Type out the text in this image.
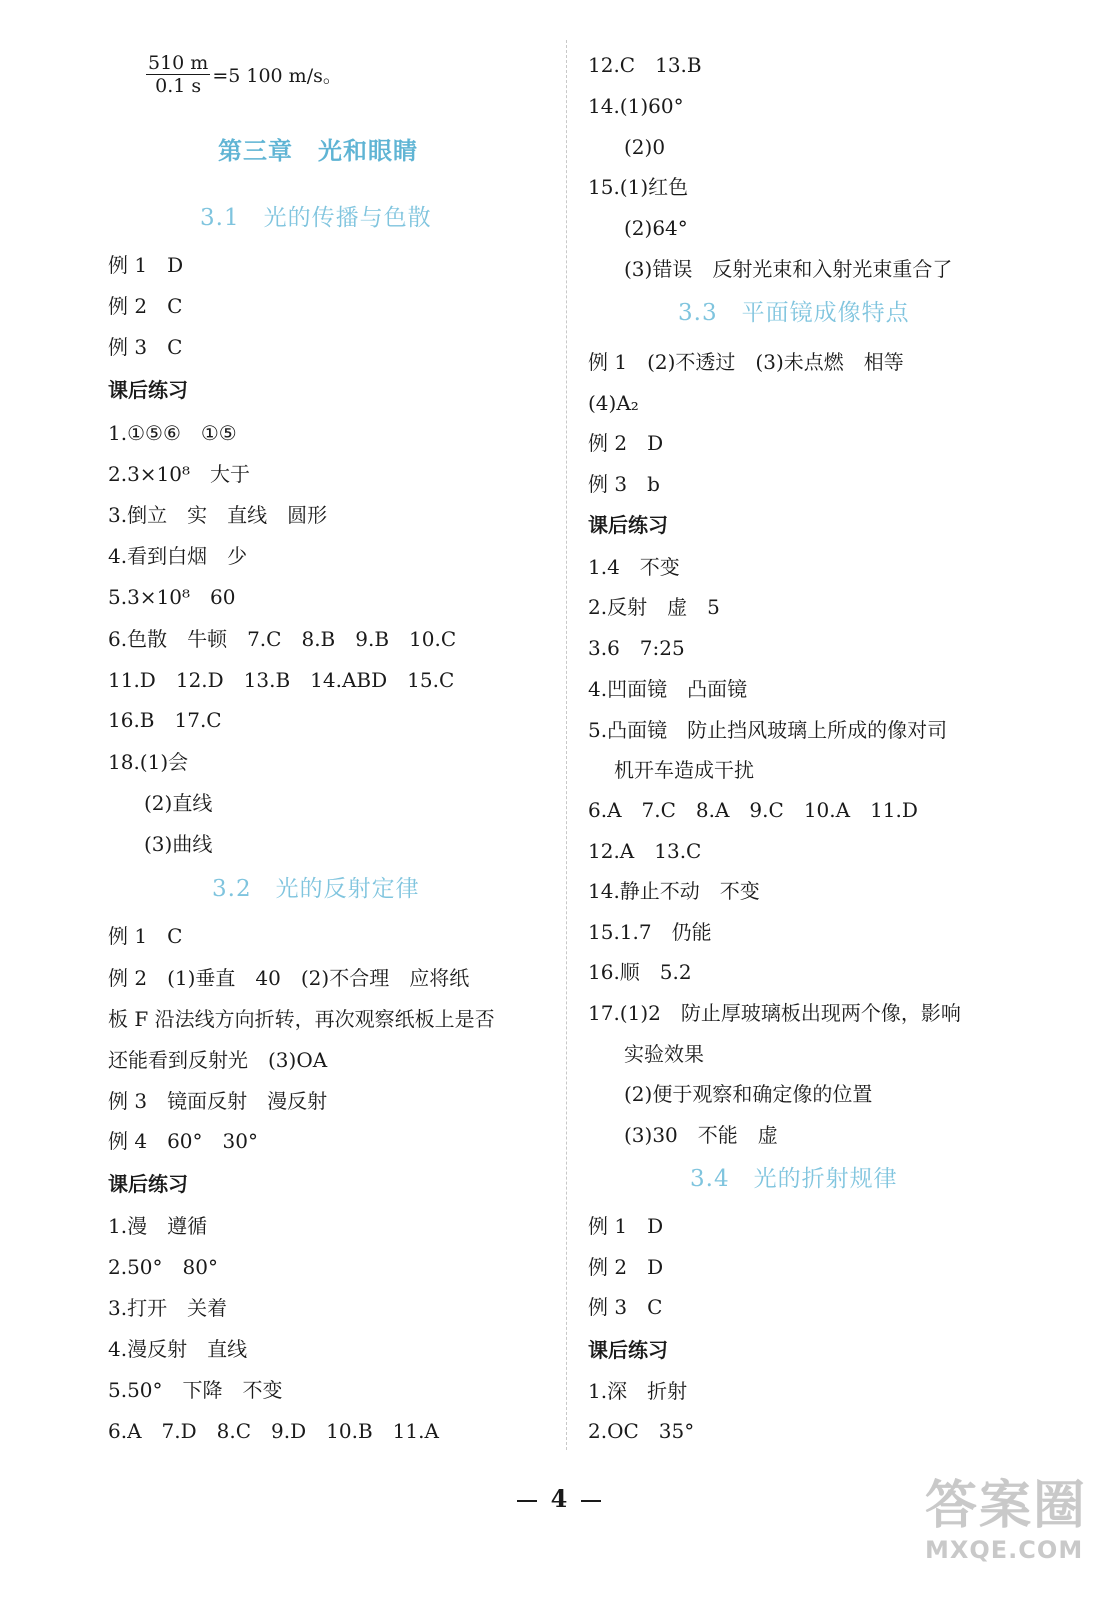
$\frac{510 m}{0.1 s} =5$ 100 m/s。
第三章　光和眼睛
3.1　光的传播与色散
例 1　D
例 2　C
例 3　C
课后练习
1.①⑤⑥　①⑤
2.3×10⁸　大于
3.倒立　实　直线　圆形
4.看到白烟　少
5.3×10⁸　60
6.色散　牛顿　7.C　8.B　9.B　10.C
11.D　12.D　13.B　14.ABD　15.C
16.B　17.C
18.(1)会
(2)直线
(3)曲线
3.2　光的反射定律
例 1　C
例 2　(1)垂直　40　(2)不合理　应将纸
板 F 沿法线方向折转，再次观察纸板上是否
还能看到反射光　(3)OA
例 3　镜面反射　漫反射
例 4　60°　30°
课后练习
1.漫　遵循
2.50°　80°
3.打开　关着
4.漫反射　直线
5.50°　下降　不变
6.A　7.D　8.C　9.D　10.B　11.A
12.C　13.B
14.(1)60°
(2)0
15.(1)红色
(2)64°
(3)错误　反射光束和入射光束重合了
3.3　平面镜成像特点
例 1　(2)不透过　(3)未点燃　相等
(4)A₂
例 2　D
例 3　b
课后练习
1.4　不变
2.反射　虚　5
3.6　7:25
4.凹面镜　凸面镜
5.凸面镜　防止挡风玻璃上所成的像对司
机开车造成干扰
6.A　7.C　8.A　9.C　10.A　11.D
12.A　13.C
14.静止不动　不变
15.1.7　仍能
16.顺　5.2
17.(1)2　防止厚玻璃板出现两个像，影响
实验效果
(2)便于观察和确定像的位置
(3)30　不能　虚
3.4　光的折射规律
例 1　D
例 2　D
例 3　C
课后练习
1.深　折射
2.OC　35°
4	答案圈
MXQE.COM
